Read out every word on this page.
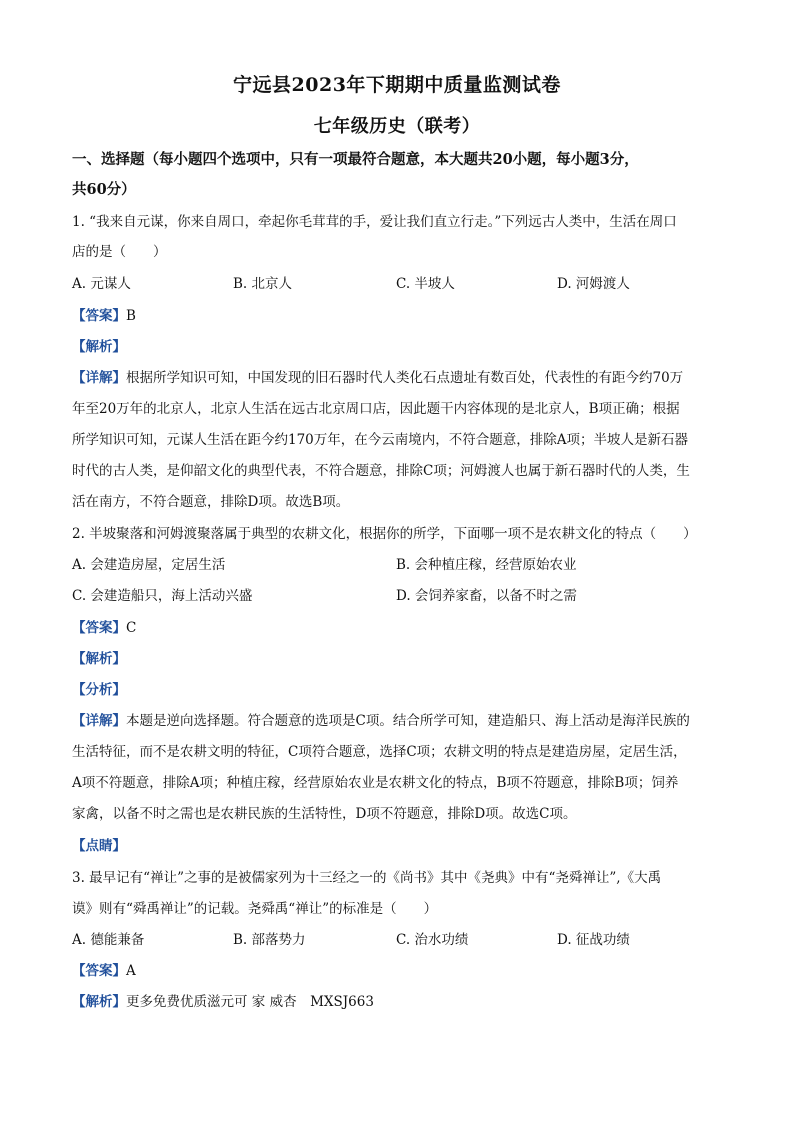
宁远县2023年下期期中质量监测试卷
七年级历史（联考）
一、选择题（每小题四个选项中，只有一项最符合题意，本大题共20小题，每小题3分，
共60分）
1. “我来自元谋，你来自周口，牵起你毛茸茸的手，爱让我们直立行走。”下列远古人类中，生活在周口
店的是（　　）
A. 元谋人	B. 北京人	C. 半坡人	D. 河姆渡人
【答案】B
【解析】
【详解】根据所学知识可知，中国发现的旧石器时代人类化石点遗址有数百处，代表性的有距今约70万
年至20万年的北京人，北京人生活在远古北京周口店，因此题干内容体现的是北京人，B项正确；根据
所学知识可知，元谋人生活在距今约170万年，在今云南境内，不符合题意，排除A项；半坡人是新石器
时代的古人类，是仰韶文化的典型代表，不符合题意，排除C项；河姆渡人也属于新石器时代的人类，生
活在南方，不符合题意，排除D项。故选B项。
2. 半坡聚落和河姆渡聚落属于典型的农耕文化，根据你的所学，下面哪一项不是农耕文化的特点（　　）
A. 会建造房屋，定居生活	B. 会种植庄稼，经营原始农业
C. 会建造船只，海上活动兴盛	D. 会饲养家畜，以备不时之需
【答案】C
【解析】
【分析】
【详解】本题是逆向选择题。符合题意的选项是C项。结合所学可知，建造船只、海上活动是海洋民族的
生活特征，而不是农耕文明的特征，C项符合题意，选择C项；农耕文明的特点是建造房屋，定居生活，
A项不符题意，排除A项；种植庄稼，经营原始农业是农耕文化的特点，B项不符题意，排除B项；饲养
家禽，以备不时之需也是农耕民族的生活特性，D项不符题意，排除D项。故选C项。
【点睛】
3. 最早记有“禅让”之事的是被儒家列为十三经之一的《尚书》其中《尧典》中有“尧舜禅让”,《大禹
谟》则有“舜禹禅让”的记载。尧舜禹“禅让”的标准是（　　）
A. 德能兼备	B. 部落势力	C. 治水功绩	D. 征战功绩
【答案】A
【解析】更多免费优质滋元可 家 威杏　MXSJ663
